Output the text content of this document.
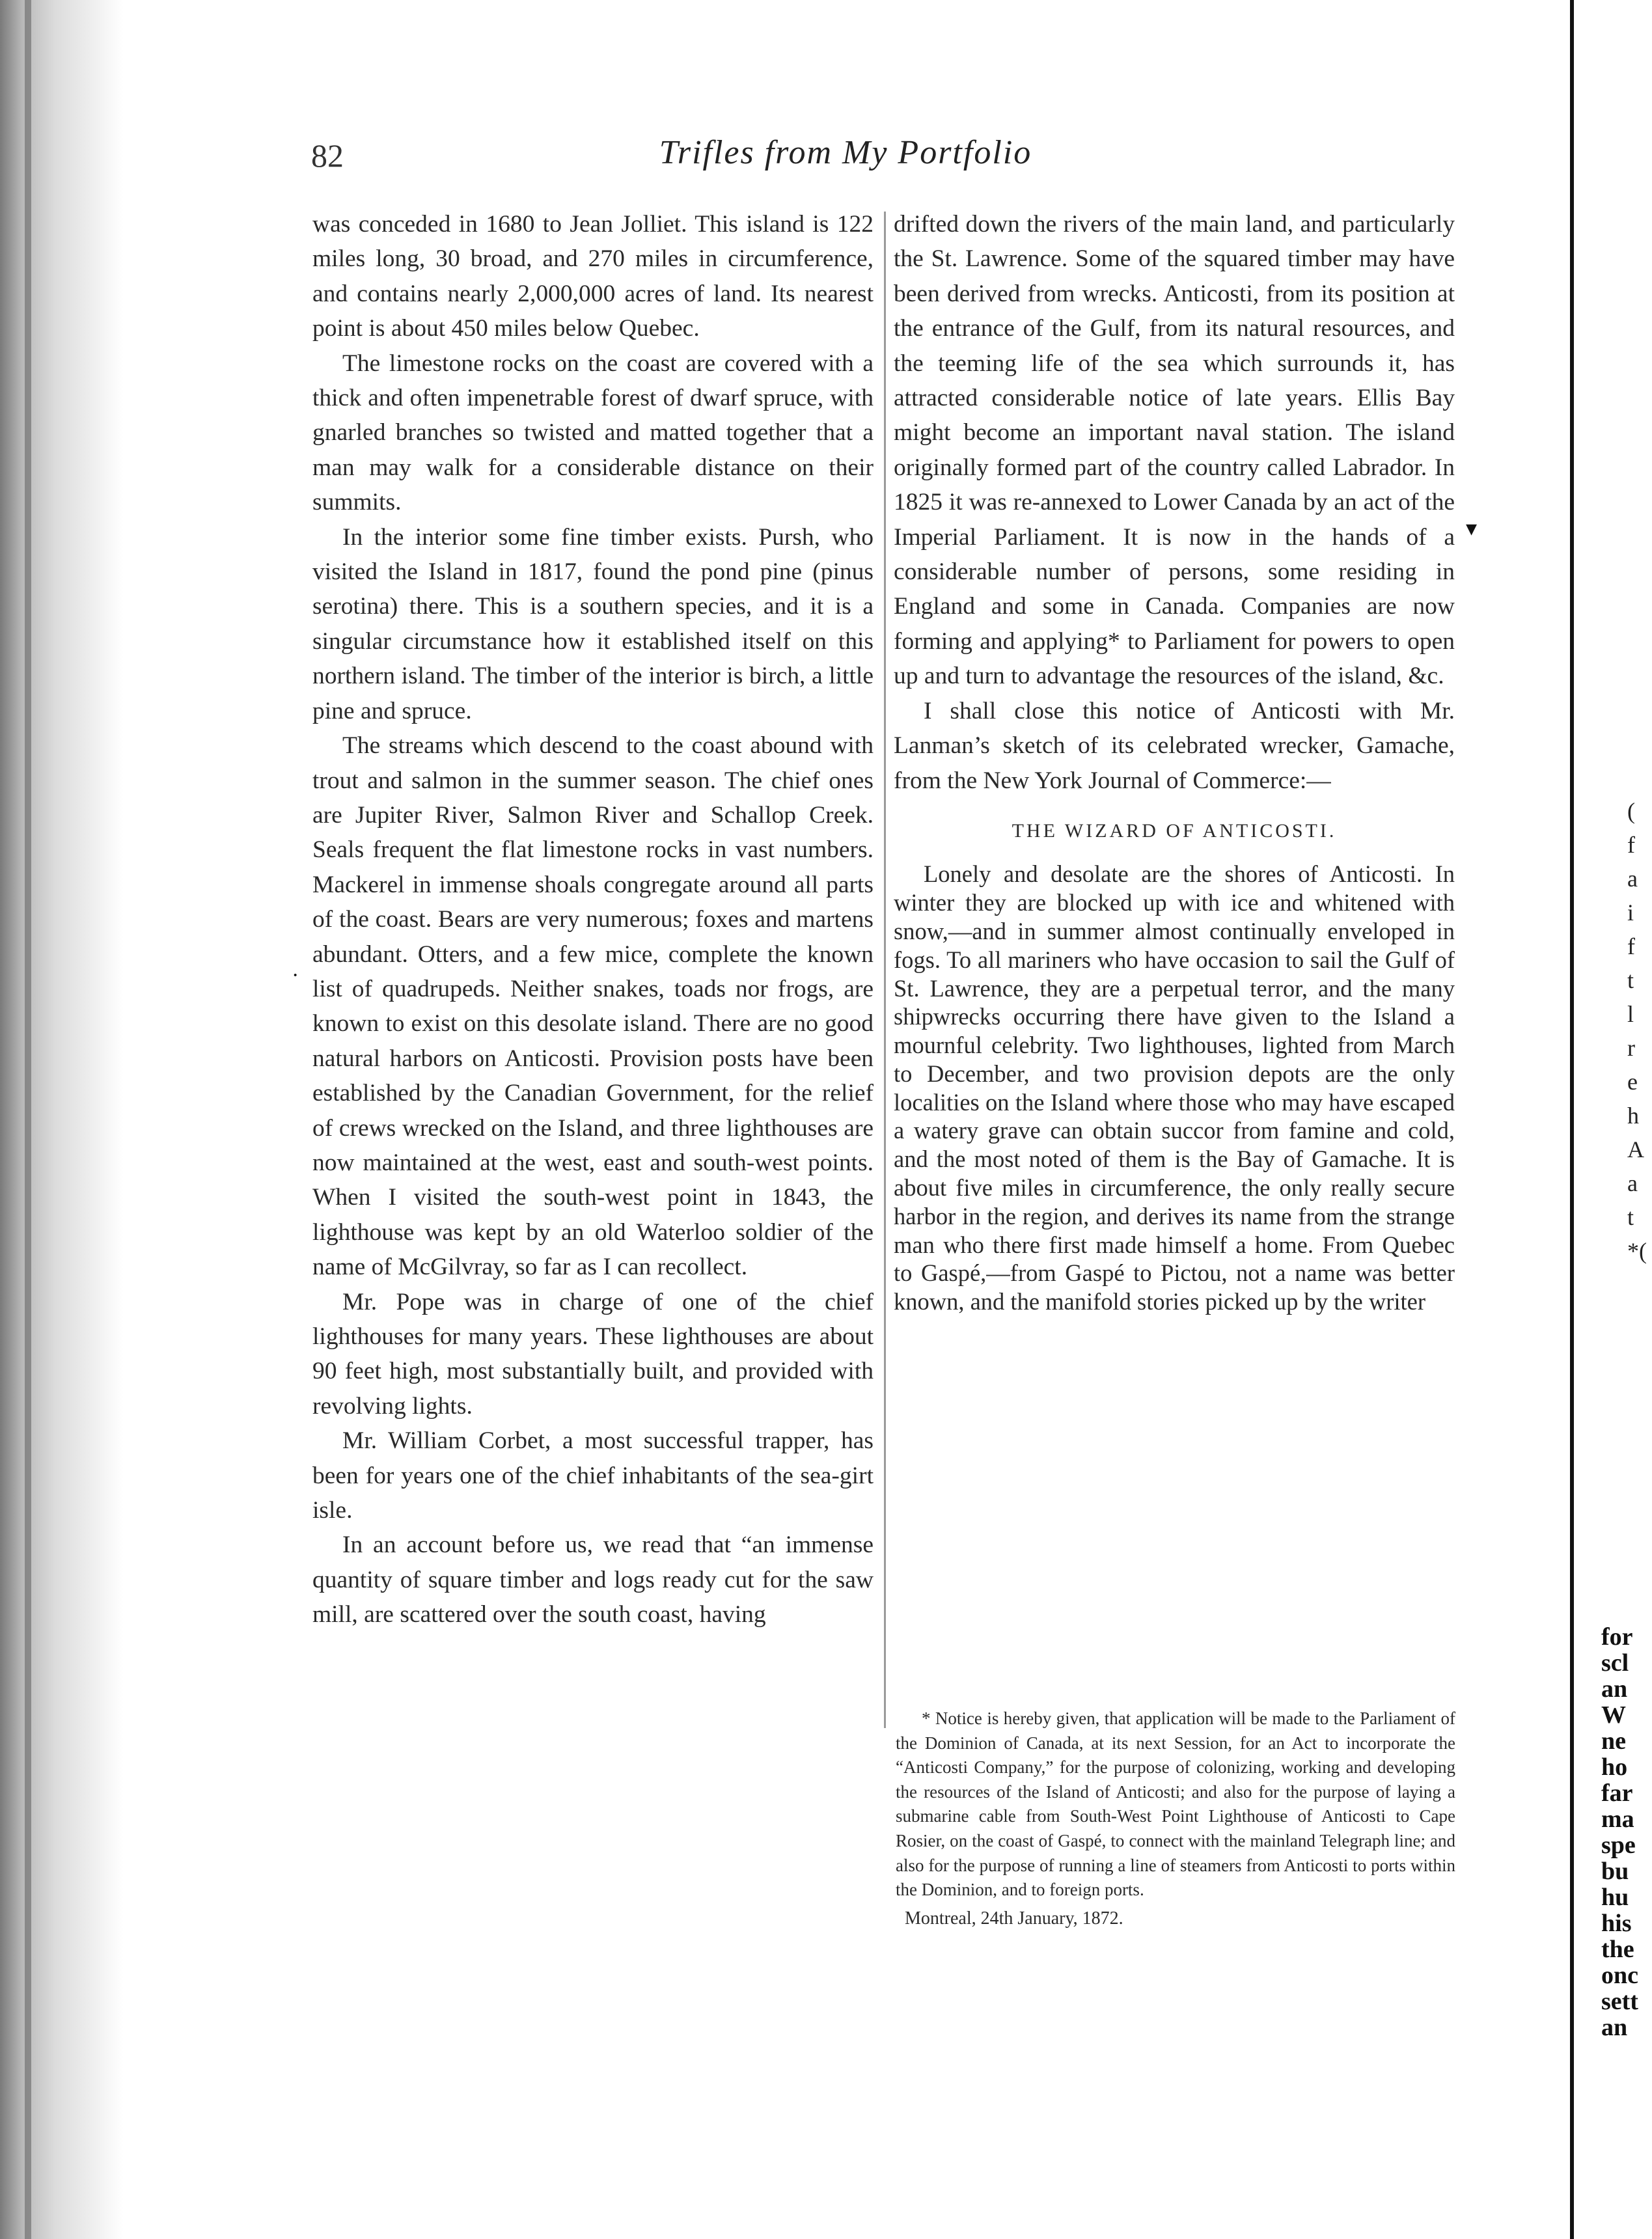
82	Trifles from My Portfolio

was conceded in 1680 to Jean Jolliet. This island is 122 miles long, 30 broad, and 270 miles in circumference, and contains nearly 2,000,000 acres of land. Its nearest point is about 450 miles below Quebec.

The limestone rocks on the coast are covered with a thick and often impenetrable forest of dwarf spruce, with gnarled branches so twisted and matted together that a man may walk for a considerable distance on their summits.

In the interior some fine timber exists. Pursh, who visited the Island in 1817, found the pond pine (pinus serotina) there. This is a southern species, and it is a singular circumstance how it established itself on this northern island. The timber of the interior is birch, a little pine and spruce.

The streams which descend to the coast abound with trout and salmon in the summer season. The chief ones are Jupiter River, Salmon River and Schallop Creek. Seals frequent the flat limestone rocks in vast numbers. Mackerel in immense shoals congregate around all parts of the coast. Bears are very numerous; foxes and martens abundant. Otters, and a few mice, complete the known list of quadrupeds. Neither snakes, toads nor frogs, are known to exist on this desolate island. There are no good natural harbors on Anticosti. Provision posts have been established by the Canadian Government, for the relief of crews wrecked on the Island, and three lighthouses are now maintained at the west, east and south-west points. When I visited the south-west point in 1843, the lighthouse was kept by an old Waterloo soldier of the name of McGilvray, so far as I can recollect.

Mr. Pope was in charge of one of the chief lighthouses for many years. These lighthouses are about 90 feet high, most substantially built, and provided with revolving lights.

Mr. William Corbet, a most successful trapper, has been for years one of the chief inhabitants of the sea-girt isle.

In an account before us, we read that “an immense quantity of square timber and logs ready cut for the saw mill, are scattered over the south coast, having

drifted down the rivers of the main land, and particularly the St. Lawrence. Some of the squared timber may have been derived from wrecks. Anticosti, from its position at the entrance of the Gulf, from its natural resources, and the teeming life of the sea which surrounds it, has attracted considerable notice of late years. Ellis Bay might become an important naval station. The island originally formed part of the country called Labrador. In 1825 it was re-annexed to Lower Canada by an act of the Imperial Parliament. It is now in the hands of a considerable number of persons, some residing in England and some in Canada. Companies are now forming and applying* to Parliament for powers to open up and turn to advantage the resources of the island, &c.

I shall close this notice of Anticosti with Mr. Lanman’s sketch of its celebrated wrecker, Gamache, from the New York Journal of Commerce:—

THE WIZARD OF ANTICOSTI.

Lonely and desolate are the shores of Anticosti. In winter they are blocked up with ice and whitened with snow,—and in summer almost continually enveloped in fogs. To all mariners who have occasion to sail the Gulf of St. Lawrence, they are a perpetual terror, and the many shipwrecks occurring there have given to the Island a mournful celebrity. Two lighthouses, lighted from March to December, and two provision depots are the only localities on the Island where those who may have escaped a watery grave can obtain succor from famine and cold, and the most noted of them is the Bay of Gamache. It is about five miles in circumference, the only really secure harbor in the region, and derives its name from the strange man who there first made himself a home. From Quebec to Gaspé,—from Gaspé to Pictou, not a name was better known, and the manifold stories picked up by the writer

* Notice is hereby given, that application will be made to the Parliament of the Dominion of Canada, at its next Session, for an Act to incorporate the “Anticosti Company,” for the purpose of colonizing, working and developing the resources of the Island of Anticosti; and also for the purpose of laying a submarine cable from South-West Point Lighthouse of Anticosti to Cape Rosier, on the coast of Gaspé, to connect with the mainland Telegraph line; and also for the purpose of running a line of steamers from Anticosti to ports within the Dominion, and to foreign ports.

Montreal, 24th January, 1872.

▾
·
(
f
a
i
f
t
l
r
e
h
A
a
t
*(
for
scl
an
W
ne
ho
far
ma
spe
bu
hu
his
the
onc
sett
an
